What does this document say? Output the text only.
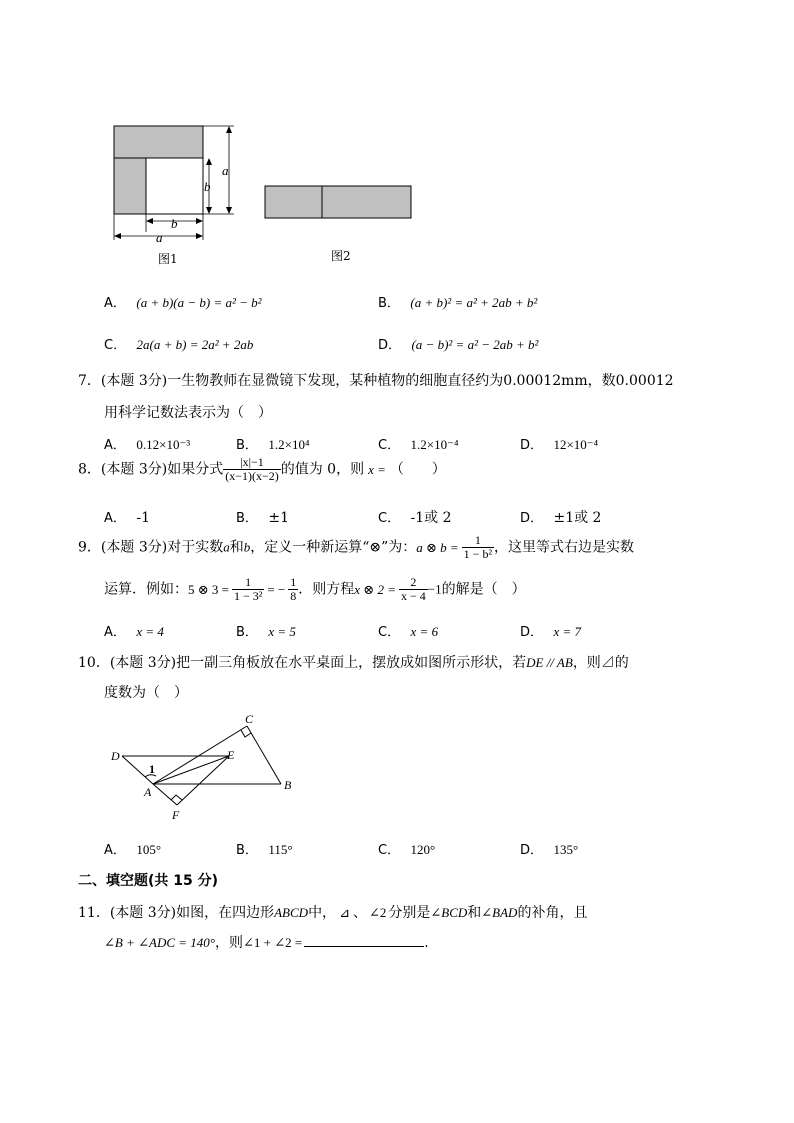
a
b
b
a
图1	图2
A． (a + b)(a − b) = a² − b²	B． (a + b)² = a² + 2ab + b²
C． 2a(a + b) = 2a² + 2ab	D． (a − b)² = a² − 2ab + b²
7．(本题 3分)一生物教师在显微镜下发现，某种植物的细胞直径约为0.00012mm，数0.00012
用科学记数法表示为（　）
A． 0.12×10⁻³	B． 1.2×10⁴	C． 1.2×10⁻⁴	D． 12×10⁻⁴
8．(本题 3分)如果分式 $\frac{|x|-1}{(x-1)(x-2)}$ 的值为 0，则 x = （　　）
A． -1	B． ±1	C． -1或 2	D． ±1或 2
9．(本题 3分)对于实数a和b，定义一种新运算“⊗”为：a ⊗ $b = \frac{1}{\text{1 − b²}}$ ，这里等式右边是实数
运算．例如：5 ⊗ $3 = \frac{1}{\text{1 − 3²}}$ = − $\frac{1}{8}$ ．则方程x ⊗ $2 = \frac{2}{x - 4} -1$的解是（　）
A． x = 4	B． x = 5	C． x = 6	D． x = 7
10．(本题 3分)把一副三角板放在水平桌面上，摆放成如图所示形状，若DE // AB，则⊿的
度数为（　）
C
D	E
1
A	B
F
A． 105°	B． 115°	C． 120°	D． 135°
二、填空题(共 15 分)
11．(本题 3分)如图，在四边形ABCD中， ⊿ 、 ∠2 分别是∠BCD和∠BAD的补角，且
∠B + ∠ADC = 140°，则∠1 + ∠2 =	.
